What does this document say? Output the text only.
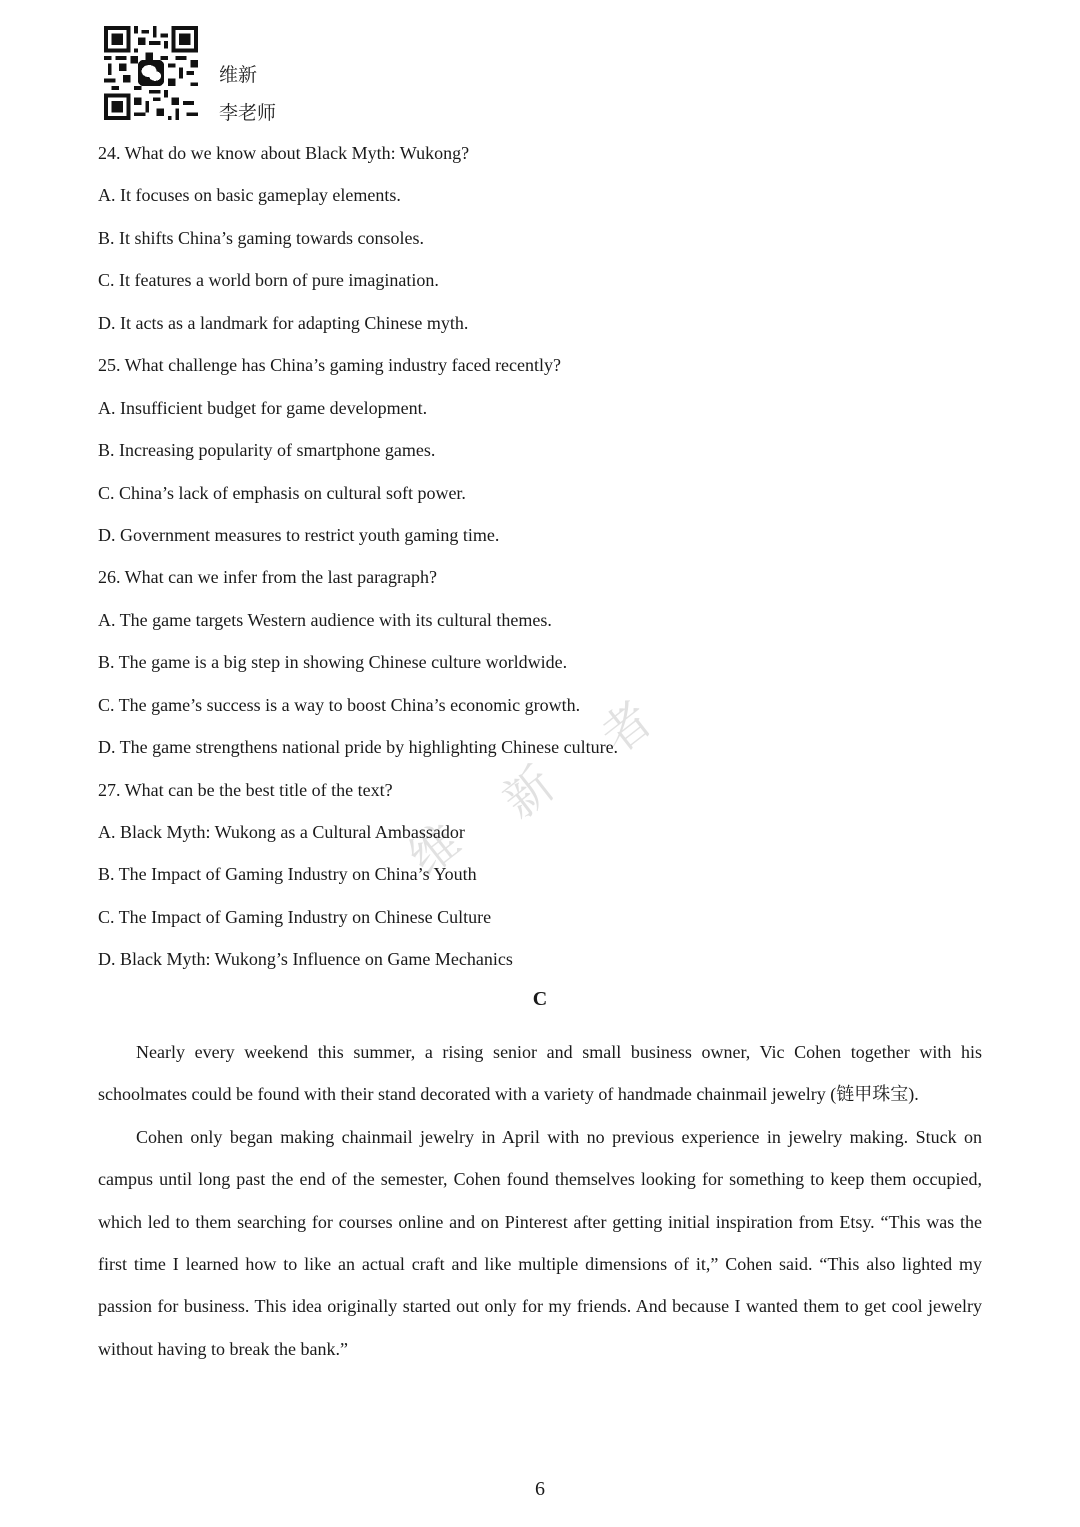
维新
李老师
者
新
维
24. What do we know about Black Myth: Wukong?
A. It focuses on basic gameplay elements.
B. It shifts China’s gaming towards consoles.
C. It features a world born of pure imagination.
D. It acts as a landmark for adapting Chinese myth.
25. What challenge has China’s gaming industry faced recently?
A. Insufficient budget for game development.
B. Increasing popularity of smartphone games.
C. China’s lack of emphasis on cultural soft power.
D. Government measures to restrict youth gaming time.
26. What can we infer from the last paragraph?
A. The game targets Western audience with its cultural themes.
B. The game is a big step in showing Chinese culture worldwide.
C. The game’s success is a way to boost China’s economic growth.
D. The game strengthens national pride by highlighting Chinese culture.
27. What can be the best title of the text?
A. Black Myth: Wukong as a Cultural Ambassador
B. The Impact of Gaming Industry on China’s Youth
C. The Impact of Gaming Industry on Chinese Culture
D. Black Myth: Wukong’s Influence on Game Mechanics
C

Nearly every weekend this summer, a rising senior and small business owner, Vic Cohen together with his schoolmates could be found with their stand decorated with a variety of handmade chainmail jewelry (链甲珠宝).

Cohen only began making chainmail jewelry in April with no previous experience in jewelry making. Stuck on campus until long past the end of the semester, Cohen found themselves looking for something to keep them occupied, which led to them searching for courses online and on Pinterest after getting initial inspiration from Etsy. “This was the first time I learned how to like an actual craft and like multiple dimensions of it,” Cohen said. “This also lighted my passion for business. This idea originally started out only for my friends. And because I wanted them to get cool jewelry without having to break the bank.”

6
